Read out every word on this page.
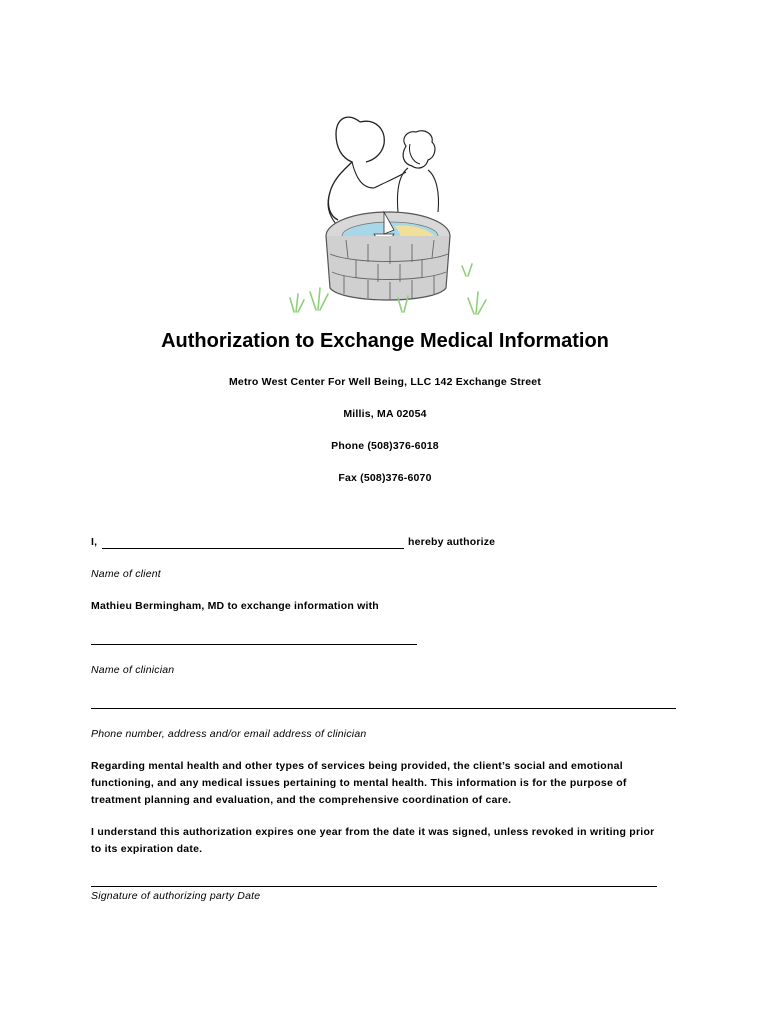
Authorization to Exchange Medical Information
Metro West Center For Well Being, LLC 142 Exchange Street
Millis, MA 02054
Phone (508)376-6018
Fax (508)376-6070
I,	hereby authorize
Name of client
Mathieu Bermingham, MD to exchange information with
Name of clinician
Phone number, address and/or email address of clinician
Regarding mental health and other types of services being provided, the client’s social and emotional
functioning, and any medical issues pertaining to mental health. This information is for the purpose of
treatment planning and evaluation, and the comprehensive coordination of care.
I understand this authorization expires one year from the date it was signed, unless revoked in writing prior
to its expiration date.
Signature of authorizing party Date
